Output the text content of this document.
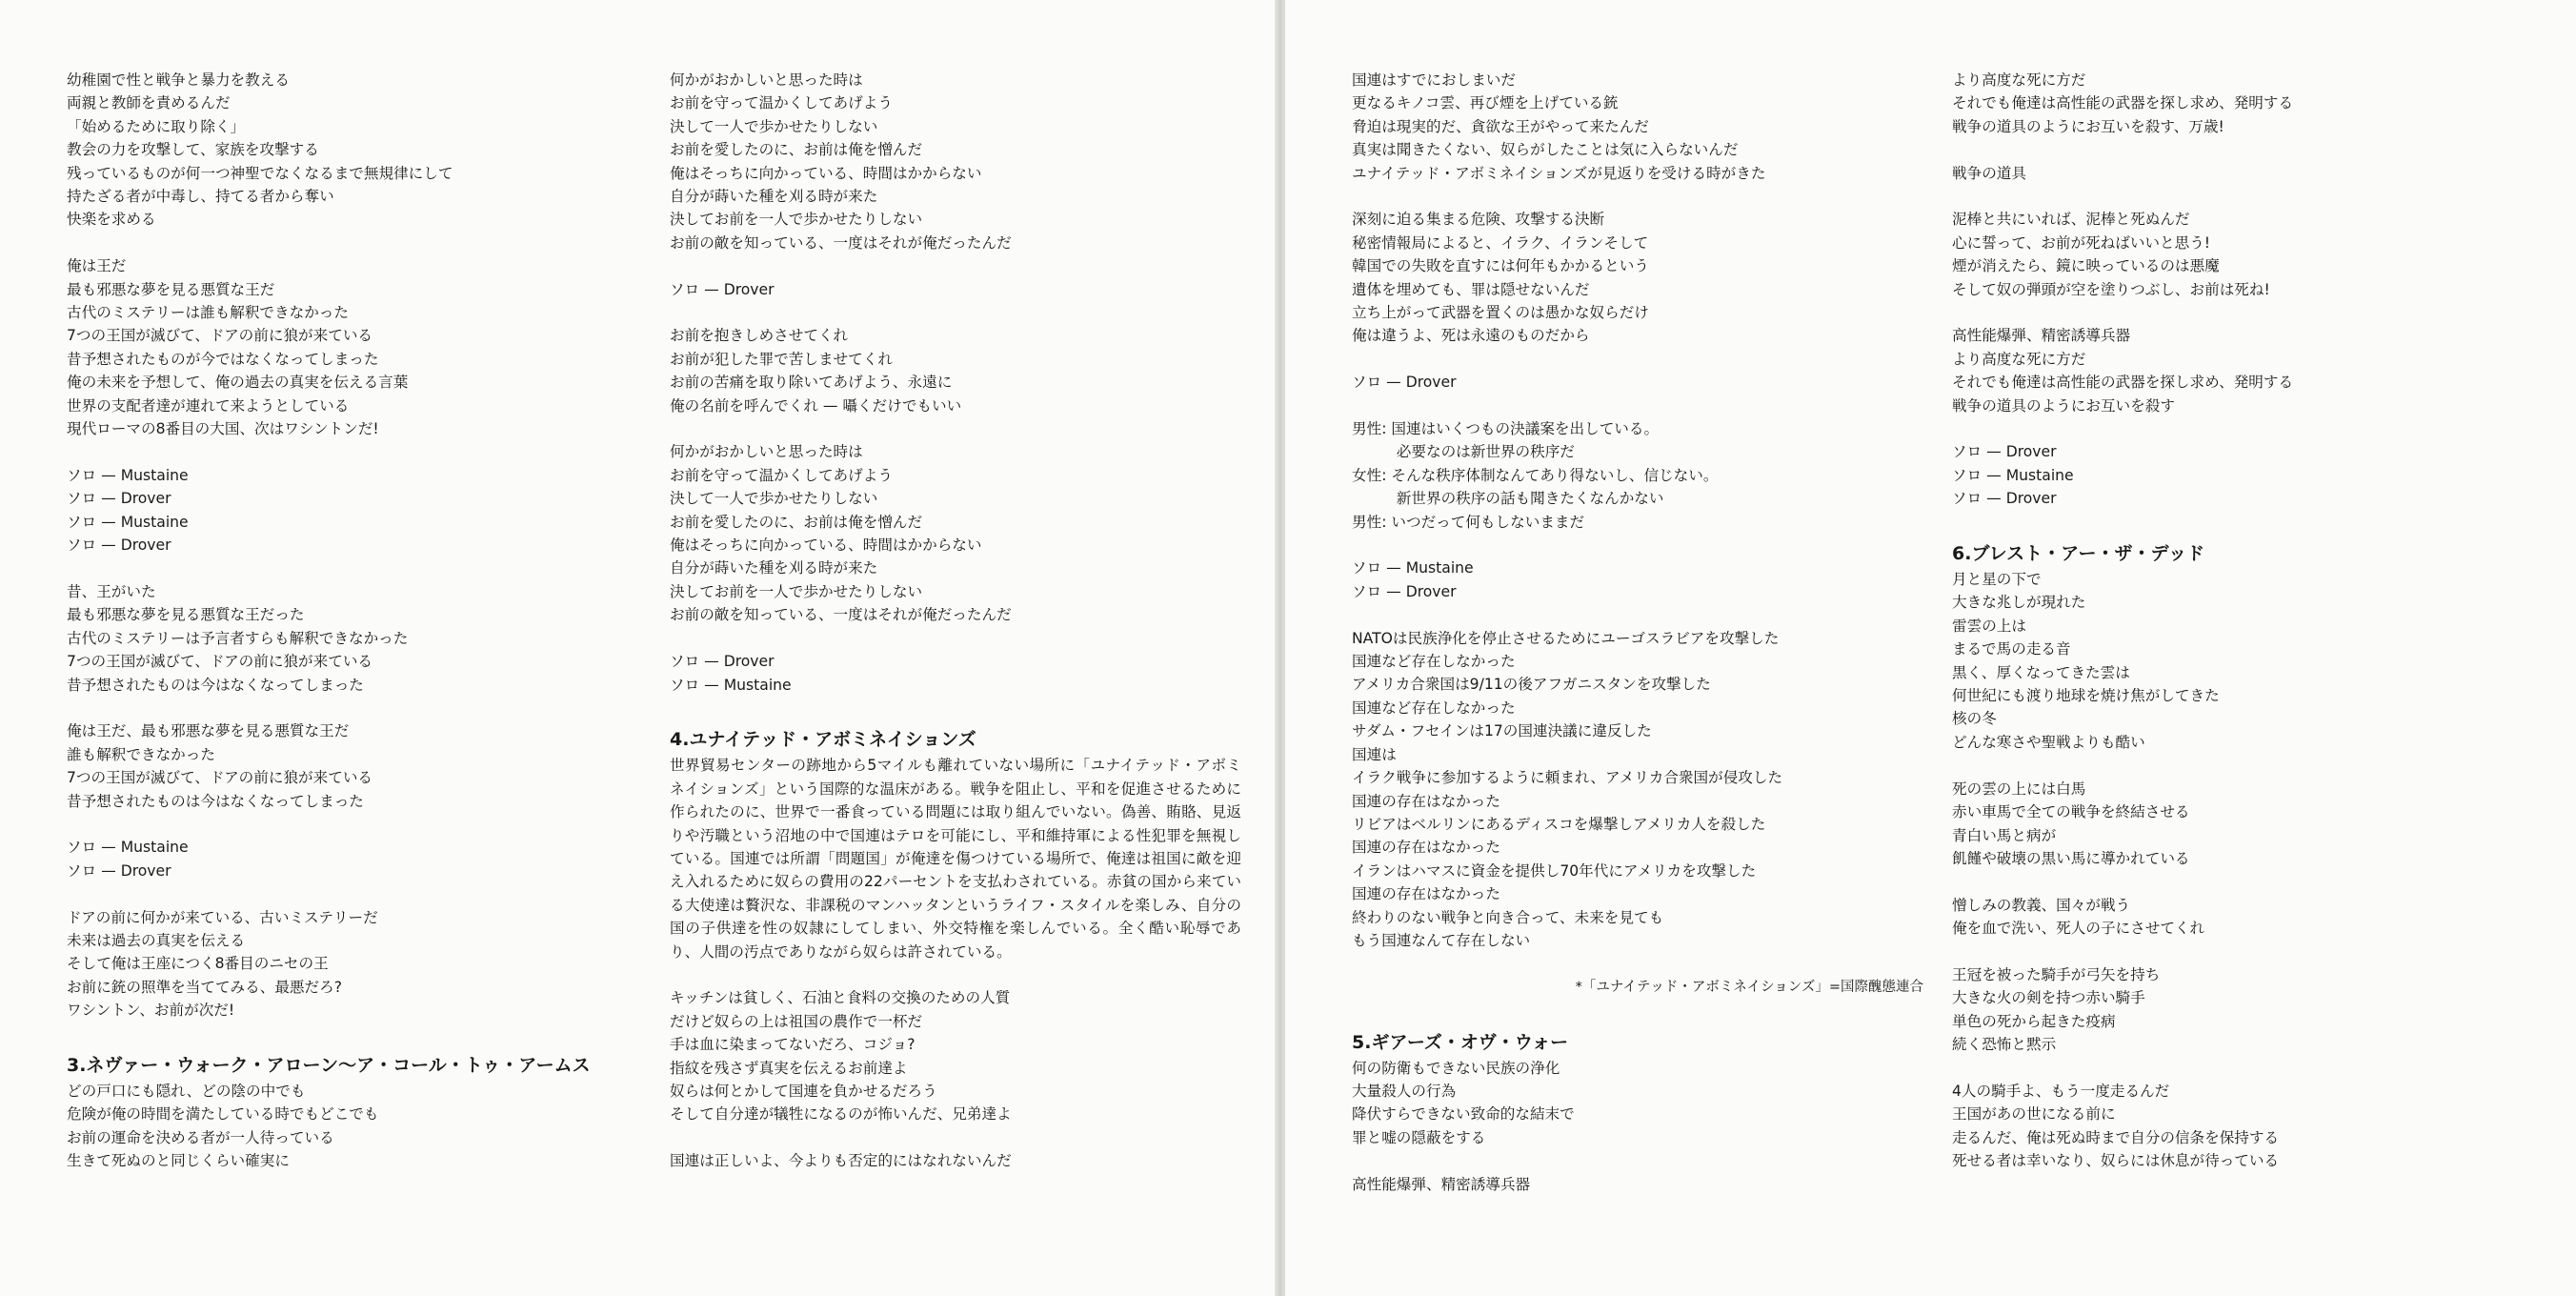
幼稚園で性と戦争と暴力を教える
両親と教師を責めるんだ
「始めるために取り除く」
教会の力を攻撃して、家族を攻撃する
残っているものが何一つ神聖でなくなるまで無規律にして
持たざる者が中毒し、持てる者から奪い
快楽を求める
俺は王だ
最も邪悪な夢を見る悪質な王だ
古代のミステリーは誰も解釈できなかった
7つの王国が滅びて、ドアの前に狼が来ている
昔予想されたものが今ではなくなってしまった
俺の未来を予想して、俺の過去の真実を伝える言葉
世界の支配者達が連れて来ようとしている
現代ローマの8番目の大国、次はワシントンだ!
ソロ — Mustaine
ソロ — Drover
ソロ — Mustaine
ソロ — Drover
昔、王がいた
最も邪悪な夢を見る悪質な王だった
古代のミステリーは予言者すらも解釈できなかった
7つの王国が滅びて、ドアの前に狼が来ている
昔予想されたものは今はなくなってしまった
俺は王だ、最も邪悪な夢を見る悪質な王だ
誰も解釈できなかった
7つの王国が滅びて、ドアの前に狼が来ている
昔予想されたものは今はなくなってしまった
ソロ — Mustaine
ソロ — Drover
ドアの前に何かが来ている、古いミステリーだ
未来は過去の真実を伝える
そして俺は王座につく8番目のニセの王
お前に銃の照準を当ててみる、最悪だろ?
ワシントン、お前が次だ!
3.ネヴァー・ウォーク・アローン〜ア・コール・トゥ・アームス
どの戸口にも隠れ、どの陰の中でも
危険が俺の時間を満たしている時でもどこでも
お前の運命を決める者が一人待っている
生きて死ぬのと同じくらい確実に
何かがおかしいと思った時は
お前を守って温かくしてあげよう
決して一人で歩かせたりしない
お前を愛したのに、お前は俺を憎んだ
俺はそっちに向かっている、時間はかからない
自分が蒔いた種を刈る時が来た
決してお前を一人で歩かせたりしない
お前の敵を知っている、一度はそれが俺だったんだ
ソロ — Drover
お前を抱きしめさせてくれ
お前が犯した罪で苦しませてくれ
お前の苦痛を取り除いてあげよう、永遠に
俺の名前を呼んでくれ — 囁くだけでもいい
何かがおかしいと思った時は
お前を守って温かくしてあげよう
決して一人で歩かせたりしない
お前を愛したのに、お前は俺を憎んだ
俺はそっちに向かっている、時間はかからない
自分が蒔いた種を刈る時が来た
決してお前を一人で歩かせたりしない
お前の敵を知っている、一度はそれが俺だったんだ
ソロ — Drover
ソロ — Mustaine
4.ユナイテッド・アボミネイションズ
世界貿易センターの跡地から5マイルも離れていない場所に「ユナイテッド・アボミネイションズ」という国際的な温床がある。戦争を阻止し、平和を促進させるために作られたのに、世界で一番食っている問題には取り組んでいない。偽善、賄賂、見返りや汚職という沼地の中で国連はテロを可能にし、平和維持軍による性犯罪を無視している。国連では所謂「問題国」が俺達を傷つけている場所で、俺達は祖国に敵を迎え入れるために奴らの費用の22パーセントを支払わされている。赤貧の国から来ている大使達は贅沢な、非課税のマンハッタンというライフ・スタイルを楽しみ、自分の国の子供達を性の奴隷にしてしまい、外交特権を楽しんでいる。全く酷い恥辱であり、人間の汚点でありながら奴らは許されている。
キッチンは貧しく、石油と食料の交換のための人質
だけど奴らの上は祖国の農作で一杯だ
手は血に染まってないだろ、コジョ?
指紋を残さず真実を伝えるお前達よ
奴らは何とかして国連を負かせるだろう
そして自分達が犠牲になるのが怖いんだ、兄弟達よ
国連は正しいよ、今よりも否定的にはなれないんだ
国連はすでにおしまいだ
更なるキノコ雲、再び煙を上げている銃
脅迫は現実的だ、貪欲な王がやって来たんだ
真実は聞きたくない、奴らがしたことは気に入らないんだ
ユナイテッド・アボミネイションズが見返りを受ける時がきた
深刻に迫る集まる危険、攻撃する決断
秘密情報局によると、イラク、イランそして
韓国での失敗を直すには何年もかかるという
遺体を埋めても、罪は隠せないんだ
立ち上がって武器を置くのは愚かな奴らだけ
俺は違うよ、死は永遠のものだから
ソロ — Drover
男性: 国連はいくつもの決議案を出している。
　　　必要なのは新世界の秩序だ
女性: そんな秩序体制なんてあり得ないし、信じない。
　　　新世界の秩序の話も聞きたくなんかない
男性: いつだって何もしないままだ
ソロ — Mustaine
ソロ — Drover
NATOは民族浄化を停止させるためにユーゴスラビアを攻撃した
国連など存在しなかった
アメリカ合衆国は9/11の後アフガニスタンを攻撃した
国連など存在しなかった
サダム・フセインは17の国連決議に違反した
国連は
イラク戦争に参加するように頼まれ、アメリカ合衆国が侵攻した
国連の存在はなかった
リビアはベルリンにあるディスコを爆撃しアメリカ人を殺した
国連の存在はなかった
イランはハマスに資金を提供し70年代にアメリカを攻撃した
国連の存在はなかった
終わりのない戦争と向き合って、未来を見ても
もう国連なんて存在しない
*「ユナイテッド・アボミネイションズ」=国際醜態連合
5.ギアーズ・オヴ・ウォー
何の防衛もできない民族の浄化
大量殺人の行為
降伏すらできない致命的な結末で
罪と嘘の隠蔽をする
高性能爆弾、精密誘導兵器
より高度な死に方だ
それでも俺達は高性能の武器を探し求め、発明する
戦争の道具のようにお互いを殺す、万歳!
戦争の道具
泥棒と共にいれば、泥棒と死ぬんだ
心に誓って、お前が死ねばいいと思う!
煙が消えたら、鏡に映っているのは悪魔
そして奴の弾頭が空を塗りつぶし、お前は死ね!
高性能爆弾、精密誘導兵器
より高度な死に方だ
それでも俺達は高性能の武器を探し求め、発明する
戦争の道具のようにお互いを殺す
ソロ — Drover
ソロ — Mustaine
ソロ — Drover
6.ブレスト・アー・ザ・デッド
月と星の下で
大きな兆しが現れた
雷雲の上は
まるで馬の走る音
黒く、厚くなってきた雲は
何世紀にも渡り地球を焼け焦がしてきた
核の冬
どんな寒さや聖戦よりも酷い
死の雲の上には白馬
赤い車馬で全ての戦争を終結させる
青白い馬と病が
飢饉や破壊の黒い馬に導かれている
憎しみの教義、国々が戦う
俺を血で洗い、死人の子にさせてくれ
王冠を被った騎手が弓矢を持ち
大きな火の剣を持つ赤い騎手
単色の死から起きた疫病
続く恐怖と黙示
4人の騎手よ、もう一度走るんだ
王国があの世になる前に
走るんだ、俺は死ぬ時まで自分の信条を保持する
死せる者は幸いなり、奴らには休息が待っている
